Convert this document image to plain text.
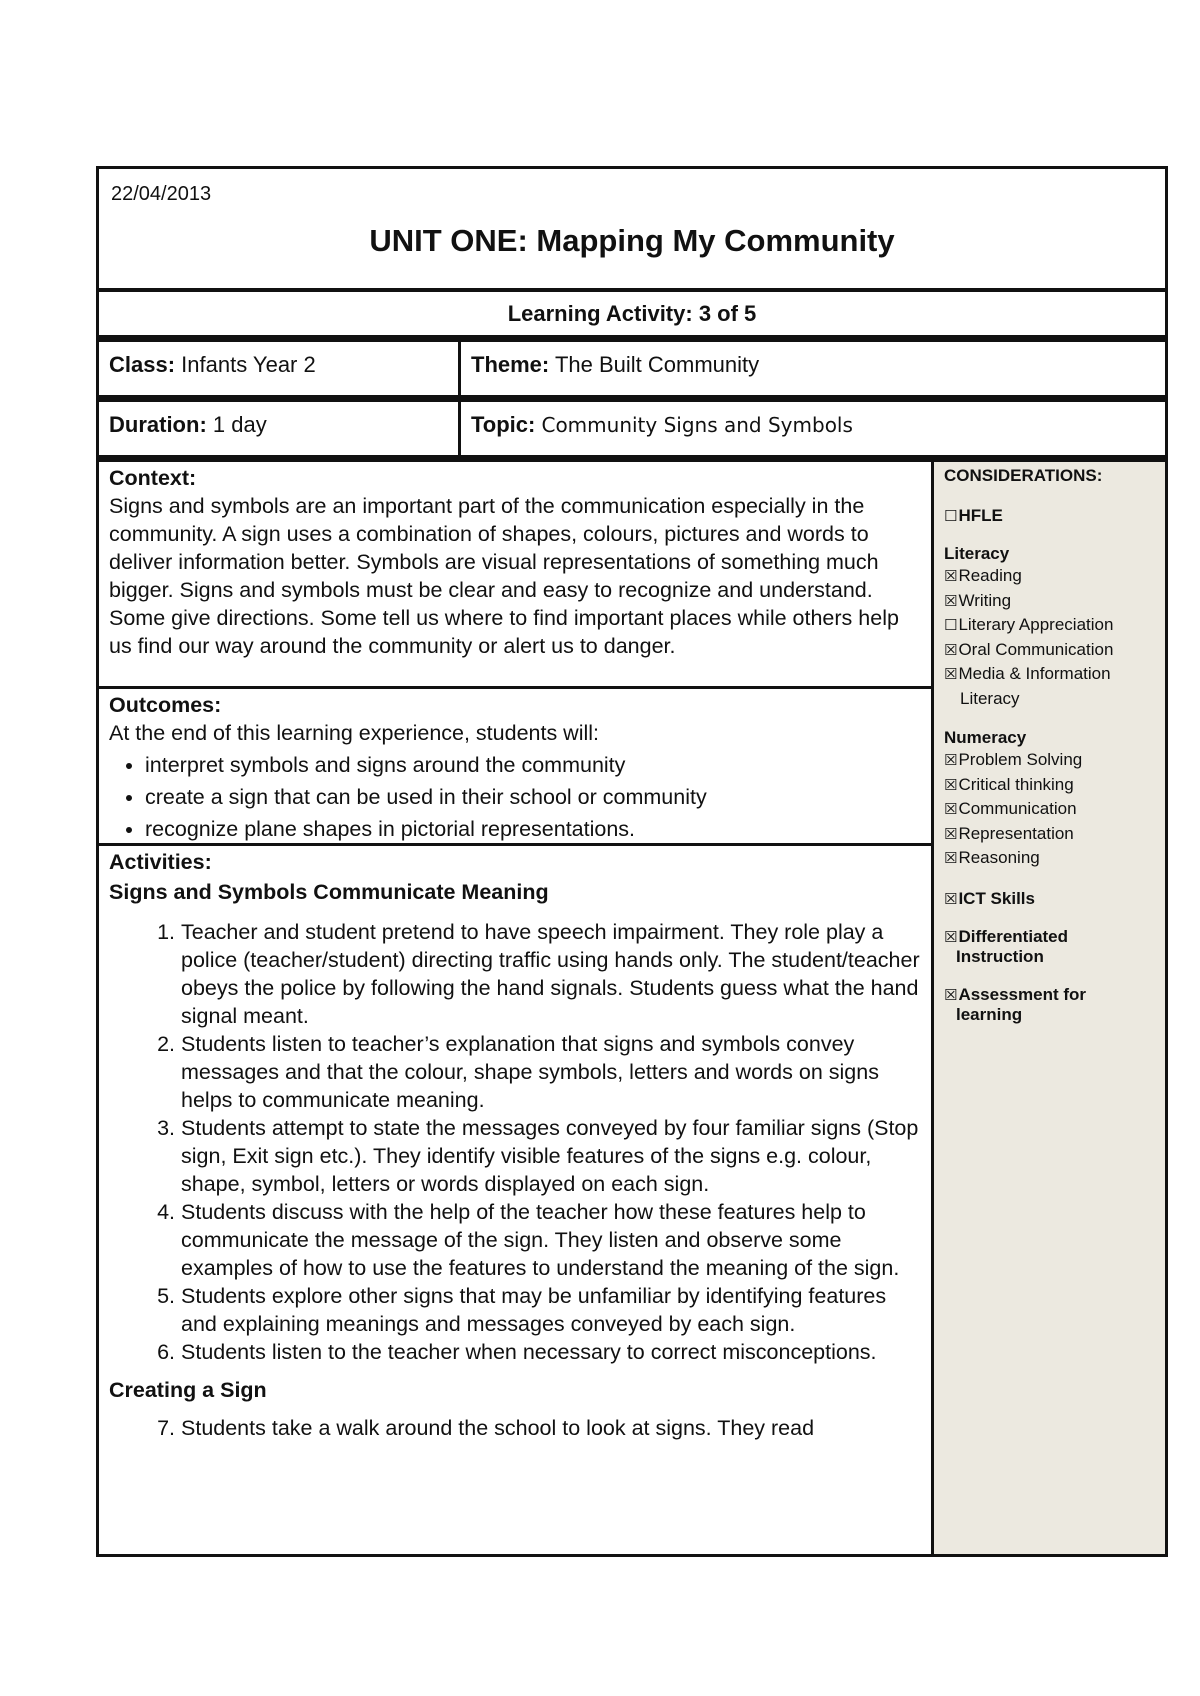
22/04/2013
UNIT ONE: Mapping My Community
Learning Activity:
3 of 5
Class: Infants Year 2	Theme: The Built Community
Duration: 1 day	Topic: Community Signs and Symbols
Context:
Signs and symbols are an important part of the communication especially in the community. A sign uses a combination of shapes, colours, pictures and words to deliver information better. Symbols are visual representations of something much bigger. Signs and symbols must be clear and easy to recognize and understand. Some give directions. Some tell us where to find important places while others help us find our way around the community or alert us to danger.
Outcomes:
At the end of this learning experience, students will:
• interpret symbols and signs around the community
• create a sign that can be used in their school or community
• recognize plane shapes in pictorial representations.
Activities:
Signs and Symbols Communicate Meaning
1. Teacher and student pretend to have speech impairment. They role play a police (teacher/student) directing traffic using hands only. The student/teacher obeys the police by following the hand signals. Students guess what the hand signal meant.
2. Students listen to teacher’s explanation that signs and symbols convey messages and that the colour, shape symbols, letters and words on signs helps to communicate meaning.
3. Students attempt to state the messages conveyed by four familiar signs (Stop sign, Exit sign etc.). They identify visible features of the signs e.g. colour, shape, symbol, letters or words displayed on each sign.
4. Students discuss with the help of the teacher how these features help to communicate the message of the sign. They listen and observe some examples of how to use the features to understand the meaning of the sign.
5. Students explore other signs that may be unfamiliar by identifying features and explaining meanings and messages conveyed by each sign.
6. Students listen to the teacher when necessary to correct misconceptions.
Creating a Sign
7. Students take a walk around the school to look at signs. They read
CONSIDERATIONS:
☐HFLE
Literacy
☒Reading
☒Writing
☐Literary Appreciation
☒Oral Communication
☒Media & Information
Literacy
Numeracy
☒Problem Solving
☒Critical thinking
☒Communication
☒Representation
☒Reasoning
☒ICT Skills
☒Differentiated
Instruction
☒Assessment for
learning
